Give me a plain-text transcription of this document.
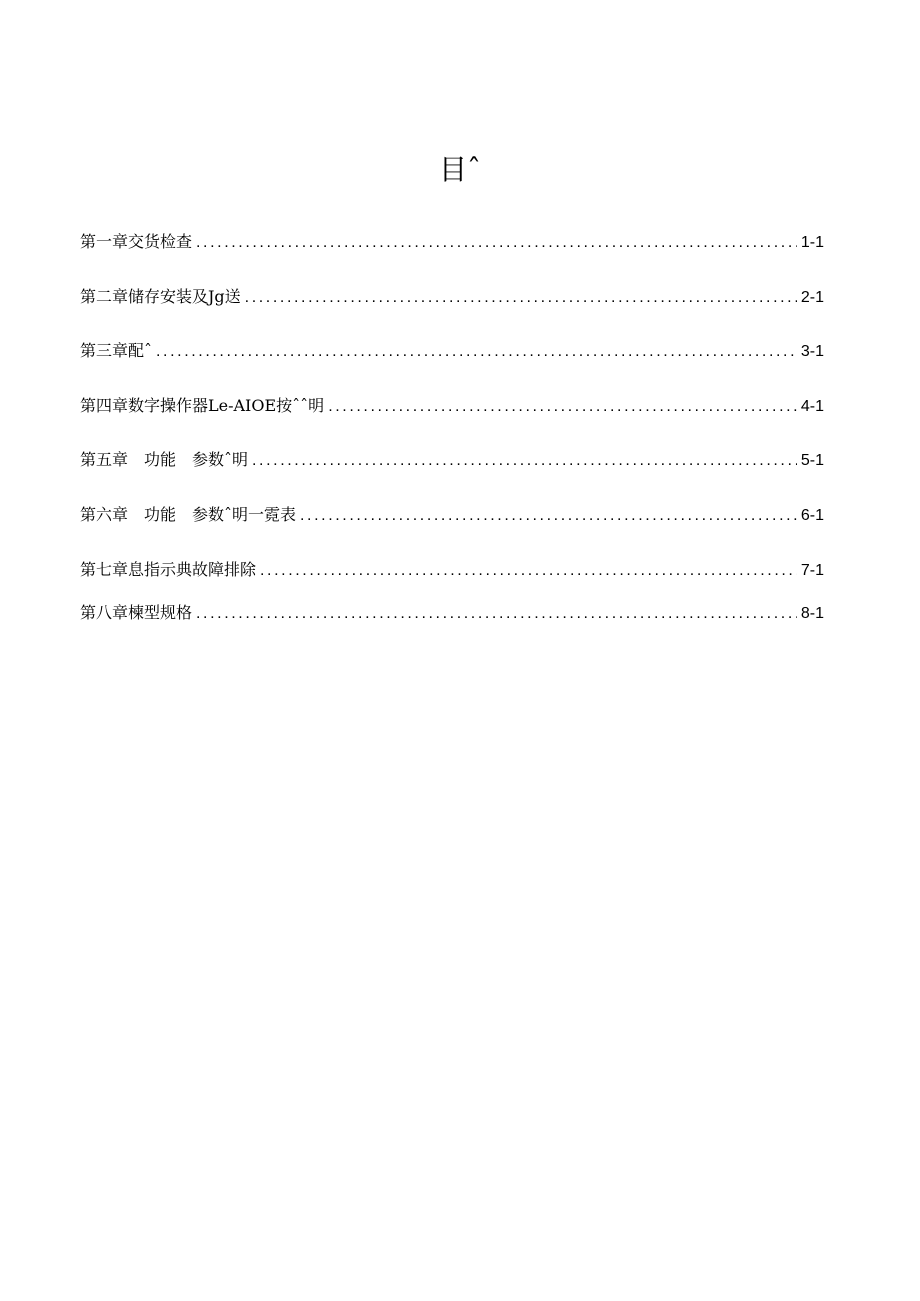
目ˆ
第一章交货检查 .....	1-1
第二章储存安装及Jg送 .....	2-1
第三章配ˆ .....	3-1
第四章数字操作器Le-AIOE按ˆˆ明 .....	4-1
第五章　功能　参数ˆ明 .....	5-1
第六章　功能　参数ˆ明一霓表 .....	6-1
第七章息指示典故障排除 .....	7-1
第八章楝型规格 .....	8-1
